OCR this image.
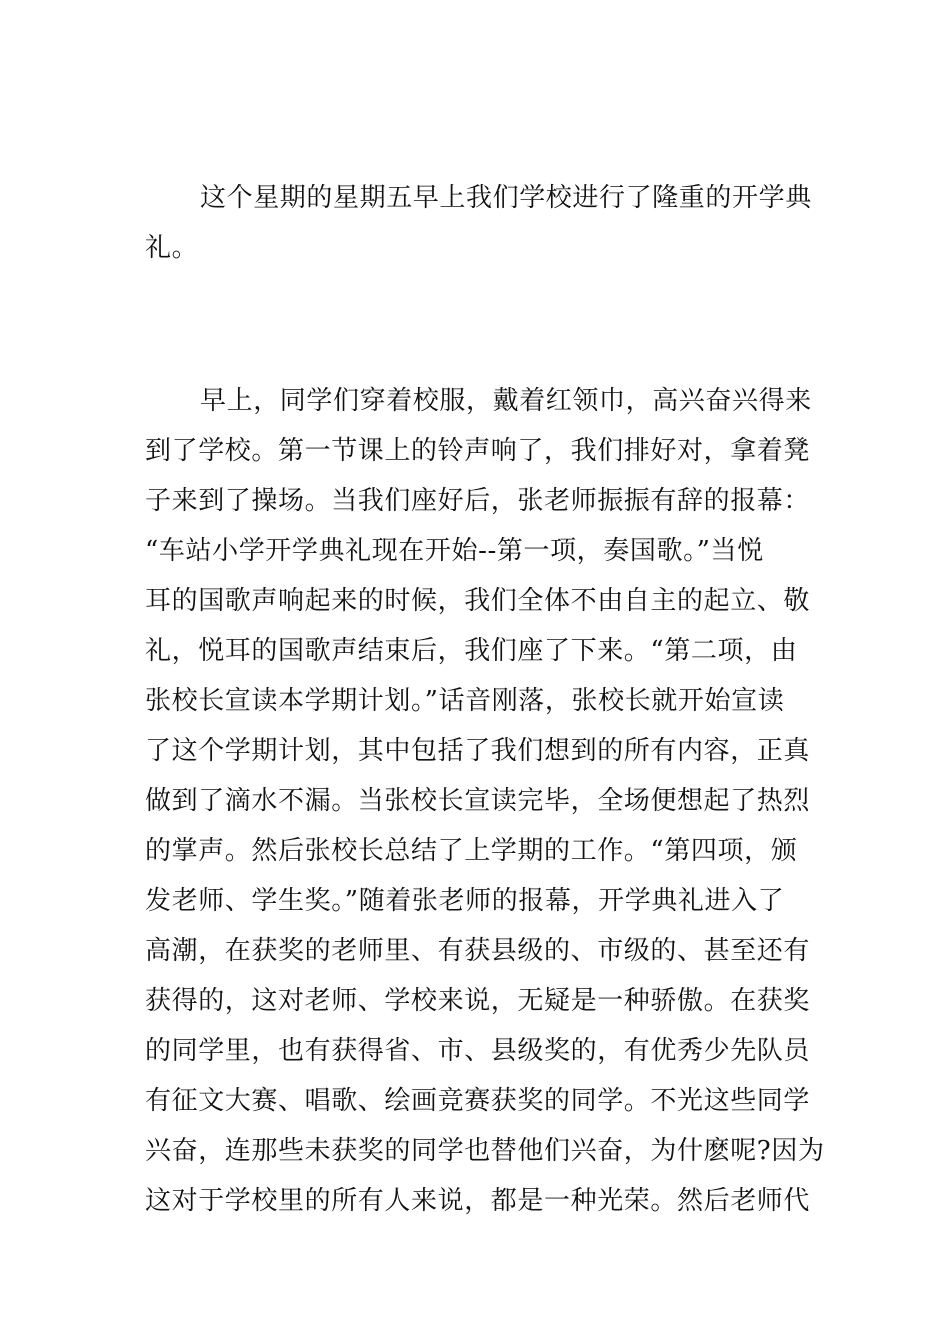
这个星期的星期五早上我们学校进行了隆重的开学典
礼。
早上，同学们穿着校服，戴着红领巾，高兴奋兴得来
到了学校。第一节课上的铃声响了，我们排好对，拿着凳
子来到了操场。当我们座好后，张老师振振有辞的报幕：
“车站小学开学典礼现在开始--第一项，奏国歌。”当悦
耳的国歌声响起来的时候，我们全体不由自主的起立、敬
礼，悦耳的国歌声结束后，我们座了下来。“第二项，由
张校长宣读本学期计划。”话音刚落，张校长就开始宣读
了这个学期计划，其中包括了我们想到的所有内容，正真
做到了滴水不漏。当张校长宣读完毕，全场便想起了热烈
的掌声。然后张校长总结了上学期的工作。“第四项，颁
发老师、学生奖。”随着张老师的报幕，开学典礼进入了
高潮，在获奖的老师里、有获县级的、市级的、甚至还有
获得的，这对老师、学校来说，无疑是一种骄傲。在获奖
的同学里，也有获得省、市、县级奖的，有优秀少先队员
有征文大赛、唱歌、绘画竞赛获奖的同学。不光这些同学
兴奋，连那些未获奖的同学也替他们兴奋，为什麽呢?因为
这对于学校里的所有人来说，都是一种光荣。然后老师代
